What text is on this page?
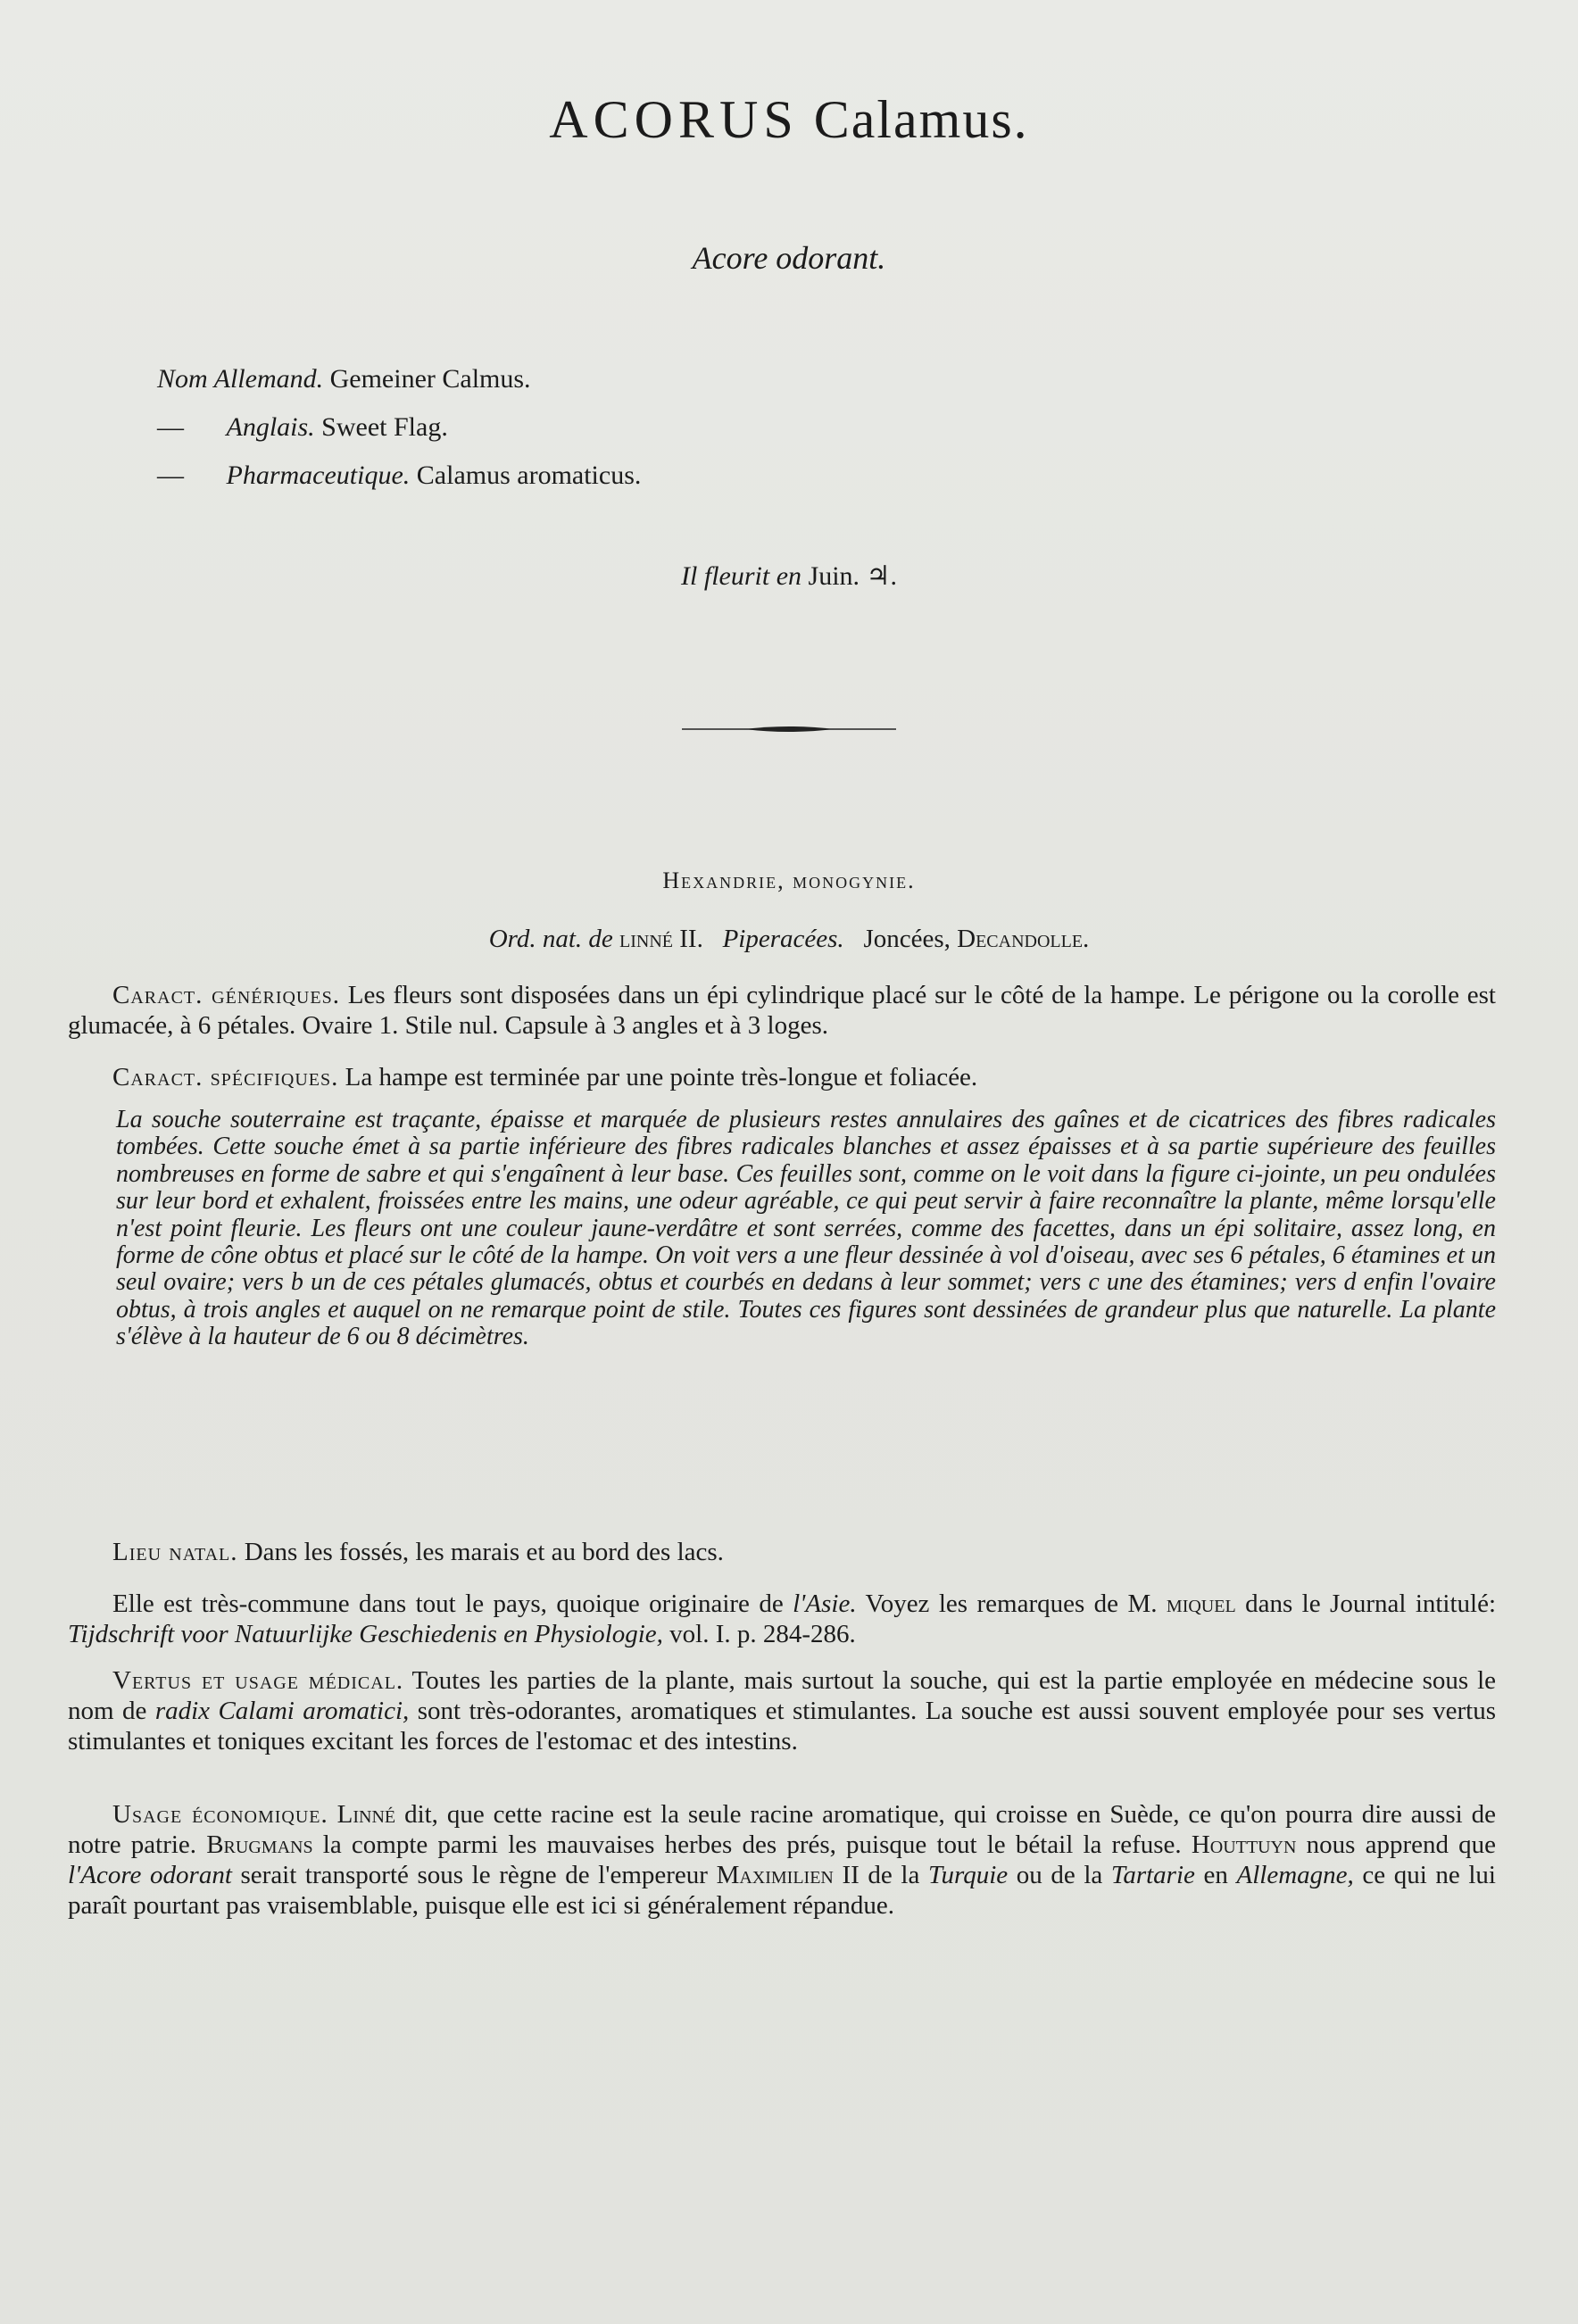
ACORUS Calamus.
Acore odorant.
Nom Allemand. Gemeiner Calmus.
— Anglais. Sweet Flag.
— Pharmaceutique. Calamus aromaticus.
Il fleurit en Juin. ♃.
Hexandrie, monogynie.
Ord. nat. de linné II. Piperacées. Joncées, Decandolle.

Caract. génériques. Les fleurs sont disposées dans un épi cylindrique placé sur le côté de la hampe. Le périgone ou la corolle est glumacée, à 6 pétales. Ovaire 1. Stile nul. Capsule à 3 angles et à 3 loges.

Caract. spécifiques. La hampe est terminée par une pointe très-longue et foliacée.

La souche souterraine est traçante, épaisse et marquée de plusieurs restes annulaires des gaînes et de cicatrices des fibres radicales tombées. Cette souche émet à sa partie inférieure des fibres radicales blanches et assez épaisses et à sa partie supérieure des feuilles nombreuses en forme de sabre et qui s'engaînent à leur base. Ces feuilles sont, comme on le voit dans la figure ci-jointe, un peu ondulées sur leur bord et exhalent, froissées entre les mains, une odeur agréable, ce qui peut servir à faire reconnaître la plante, même lorsqu'elle n'est point fleurie. Les fleurs ont une couleur jaune-verdâtre et sont serrées, comme des facettes, dans un épi solitaire, assez long, en forme de cône obtus et placé sur le côté de la hampe. On voit vers a une fleur dessinée à vol d'oiseau, avec ses 6 pétales, 6 étamines et un seul ovaire; vers b un de ces pétales glumacés, obtus et courbés en dedans à leur sommet; vers c une des étamines; vers d enfin l'ovaire obtus, à trois angles et auquel on ne remarque point de stile. Toutes ces figures sont dessinées de grandeur plus que naturelle. La plante s'élève à la hauteur de 6 ou 8 décimètres.

Lieu natal. Dans les fossés, les marais et au bord des lacs.

Elle est très-commune dans tout le pays, quoique originaire de l'Asie. Voyez les remarques de M. miquel dans le Journal intitulé: Tijdschrift voor Natuurlijke Geschiedenis en Physiologie, vol. I. p. 284-286.

Vertus et usage médical. Toutes les parties de la plante, mais surtout la souche, qui est la partie employée en médecine sous le nom de radix Calami aromatici, sont très-odorantes, aromatiques et stimulantes. La souche est aussi souvent employée pour ses vertus stimulantes et toniques excitant les forces de l'estomac et des intestins.

Usage économique. Linné dit, que cette racine est la seule racine aromatique, qui croisse en Suède, ce qu'on pourra dire aussi de notre patrie. Brugmans la compte parmi les mauvaises herbes des prés, puisque tout le bétail la refuse. Houttuyn nous apprend que l'Acore odorant serait transporté sous le règne de l'empereur Maximilien II de la Turquie ou de la Tartarie en Allemagne, ce qui ne lui paraît pourtant pas vraisemblable, puisque elle est ici si généralement répandue.
